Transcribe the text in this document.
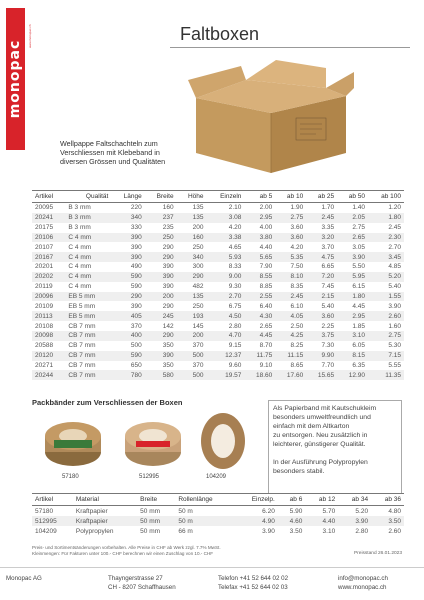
monopac
www.monopac.ch	Faltboxen
Wellpappe Faltschachteln zum
Verschliessen mit Klebeband in
diversen Grössen und Qualitäten
Artikel	Qualität	Länge	Breite	Höhe	Einzeln	ab 5	ab 10	ab 25	ab 50	ab 100
20095	B 3 mm	220	160	135	2.10	2.00	1.90	1.70	1.40	1.20
20241	B 3 mm	340	237	135	3.08	2.95	2.75	2.45	2.05	1.80
20175	B 3 mm	330	235	200	4.20	4.00	3.60	3.35	2.75	2.45
20106	C 4 mm	390	250	160	3.38	3.80	3.60	3.20	2.65	2.30
20107	C 4 mm	390	290	250	4.65	4.40	4.20	3.70	3.05	2.70
20167	C 4 mm	390	290	340	5.93	5.65	5.35	4.75	3.90	3.45
20201	C 4 mm	490	390	300	8.33	7.90	7.50	6.65	5.50	4.85
20202	C 4 mm	590	390	290	9.00	8.55	8.10	7.20	5.95	5.20
20119	C 4 mm	590	390	482	9.30	8.85	8.35	7.45	6.15	5.40
20096	EB 5 mm	290	200	135	2.70	2.55	2.45	2.15	1.80	1.55
20109	EB 5 mm	390	290	250	6.75	6.40	6.10	5.40	4.45	3.90
20113	EB 5 mm	405	245	193	4.50	4.30	4.05	3.60	2.95	2.60
20108	CB 7 mm	370	142	145	2.80	2.65	2.50	2.25	1.85	1.60
20098	CB 7 mm	400	290	200	4.70	4.45	4.25	3.75	3.10	2.75
20588	CB 7 mm	500	350	370	9.15	8.70	8.25	7.30	6.05	5.30
20120	CB 7 mm	590	390	500	12.37	11.75	11.15	9.90	8.15	7.15
20271	CB 7 mm	650	350	370	9.60	9.10	8.65	7.70	6.35	5.55
20244	CB 7 mm	780	580	500	19.57	18.60	17.60	15.65	12.90	11.35
Packbänder zum Verschliessen der Boxen
57180	512995	104209
Als Papierband mit Kautschukleim
besonders umweltfreundlich und
einfach mit dem Altkarton
zu entsorgen. Neu zusätzlich in
leichterer, günstigerer Qualität.
In der Ausführung Polypropylen
besonders stabil.
Artikel	Material	Breite	Rollenlänge	Einzelp.	ab 6	ab 12	ab 34	ab 36
57180	Kraftpapier	50 mm	50 m	6.20	5.90	5.70	5.20	4.80
512995	Kraftpapier	50 mm	50 m	4.90	4.60	4.40	3.90	3.50
104209	Polypropylen	50 mm	66 m	3.90	3.50	3.10	2.80	2.60
Preis- und Sortimentsänderungen vorbehalten. Alle Preise in CHF ab Werk zzgl. 7.7% MwSt.
Kleinmengen: Für Fakturen unter 100.- CHF berechnen wir einen Zuschlag von 10.- CHF	Preisstand 26.01.2023
Monopac AG	Thayngerstrasse 27
CH - 8207 Schaffhausen
Telefon +41 52 644 02 02
Telefax +41 52 644 02 03
info@monopac.ch
www.monopac.ch
